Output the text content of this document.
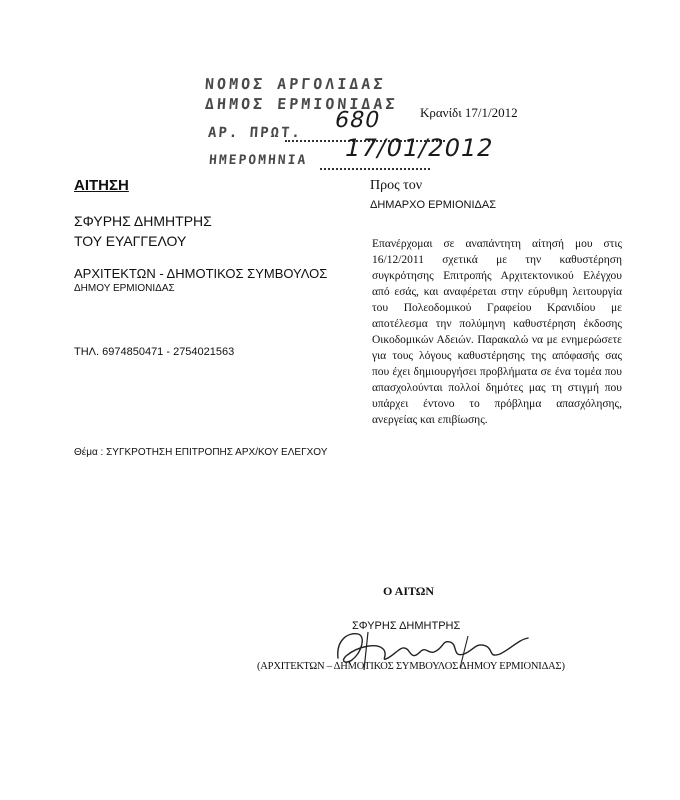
ΝΟΜΟΣ ΑΡΓΟΛΙΔΑΣ
ΔΗΜΟΣ ΕΡΜΙΟΝΙΔΑΣ
ΑΡ. ΠΡΩΤ.
ΗΜΕΡΟΜΗΝΙΑ
680
17/01/2012
Κρανίδι 17/1/2012
ΑΙΤΗΣΗ
ΣΦΥΡΗΣ ΔΗΜΗΤΡΗΣ
ΤΟΥ ΕΥΑΓΓΕΛΟΥ
ΑΡΧΙΤΕΚΤΩΝ - ΔΗΜΟΤΙΚΟΣ ΣΥΜΒΟΥΛΟΣ
ΔΗΜΟΥ ΕΡΜΙΟΝΙΔΑΣ
ΤΗΛ. 6974850471 - 2754021563
Θέμα : ΣΥΓΚΡΟΤΗΣΗ ΕΠΙΤΡΟΠΗΣ ΑΡΧ/ΚΟΥ ΕΛΕΓΧΟΥ
Προς τον
ΔΗΜΑΡΧΟ ΕΡΜΙΟΝΙΔΑΣ
Επανέρχομαι σε αναπάντητη αίτησή μου στις 16/12/2011 σχετικά με την καθυστέρηση συγκρότησης Επιτροπής Αρχιτεκτονικού Ελέγχου από εσάς, και αναφέρεται στην εύρυθμη λειτουργία του Πολεοδομικού Γραφείου Κρανιδίου με αποτέλεσμα την πολύμηνη καθυστέρηση έκδοσης Οικοδομικών Αδειών. Παρακαλώ να με ενημερώσετε για τους λόγους καθυστέρησης της απόφασής σας που έχει δημιουργήσει προβλήματα σε ένα τομέα που απασχολούνται πολλοί δημότες μας τη στιγμή που υπάρχει έντονο το πρόβλημα απασχόλησης, ανεργείας και επιβίωσης.
Ο ΑΙΤΩΝ
ΣΦΥΡΗΣ ΔΗΜΗΤΡΗΣ
(ΑΡΧΙΤΕΚΤΩΝ – ΔΗΜΟΤΙΚΟΣ ΣΥΜΒΟΥΛΟΣ ΔΗΜΟΥ ΕΡΜΙΟΝΙΔΑΣ)
